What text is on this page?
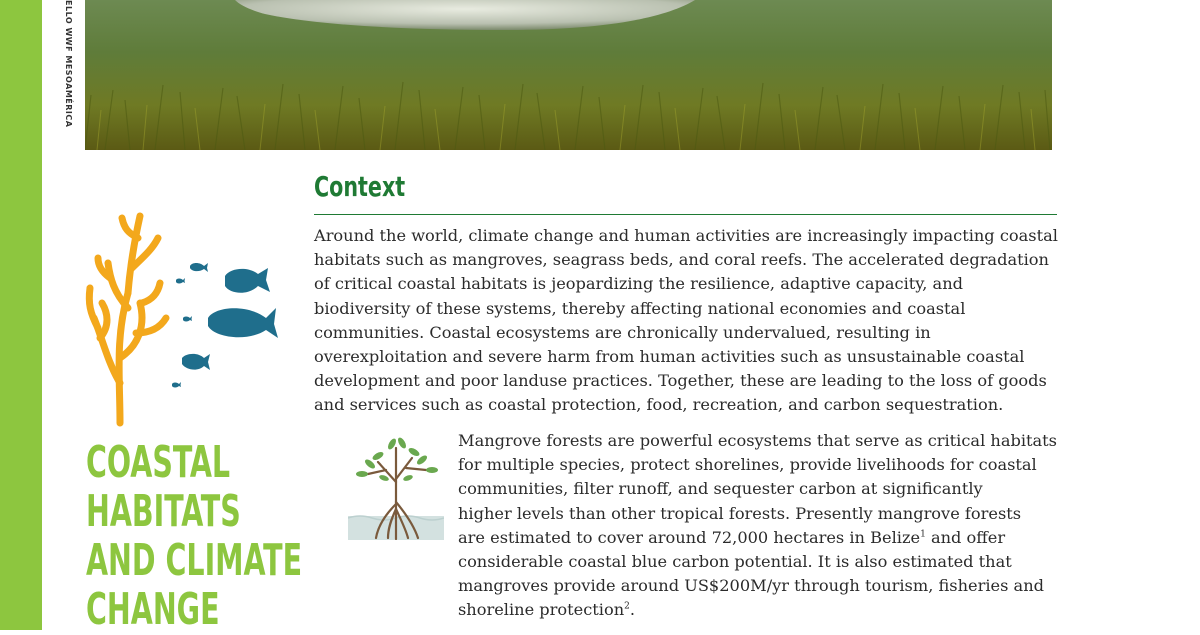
ELLO WWF MESOAMÉRICA
Context

Around the world, climate change and human activities are increasingly impacting coastal habitats such as mangroves, seagrass beds, and coral reefs. The accelerated degradation of critical coastal habitats is jeopardizing the resilience, adaptive capacity, and biodiversity of these systems, thereby affecting national economies and coastal communities. Coastal ecosystems are chronically undervalued, resulting in overexploitation and severe harm from human activities such as unsustainable coastal development and poor landuse practices. Together, these are leading to the loss of goods and services such as coastal protection, food, recreation, and carbon sequestration.

Mangrove forests are powerful ecosystems that serve as critical habitats
for multiple species, protect shorelines, provide livelihoods for coastal
communities, filter runoff, and sequester carbon at significantly
higher levels than other tropical forests. Presently mangrove forests
are estimated to cover around 72,000 hectares in Belize$^1$ and offer
considerable coastal blue carbon potential. It is also estimated that
mangroves provide around US$200M/yr through tourism, fisheries and
shoreline protection$^2$.

COASTAL
HABITATS
AND CLIMATE
CHANGE
